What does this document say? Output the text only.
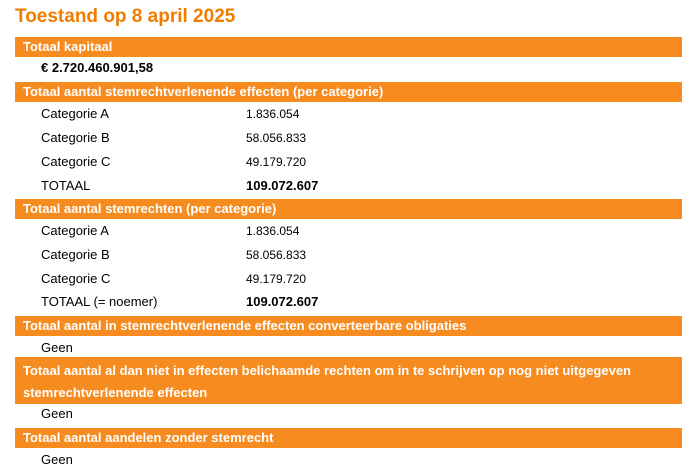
Toestand op 8 april 2025
Totaal kapitaal
€ 2.720.460.901,58
Totaal aantal stemrechtverlenende effecten (per categorie)
Categorie A	1.836.054
Categorie B	58.056.833
Categorie C	49.179.720
TOTAAL	109.072.607
Totaal aantal stemrechten (per categorie)
Categorie A	1.836.054
Categorie B	58.056.833
Categorie C	49.179.720
TOTAAL (= noemer)	109.072.607
Totaal aantal in stemrechtverlenende effecten converteerbare obligaties
Geen
Totaal aantal al dan niet in effecten belichaamde rechten om in te schrijven op nog niet uitgegeven stemrechtverlenende effecten
Geen
Totaal aantal aandelen zonder stemrecht
Geen
